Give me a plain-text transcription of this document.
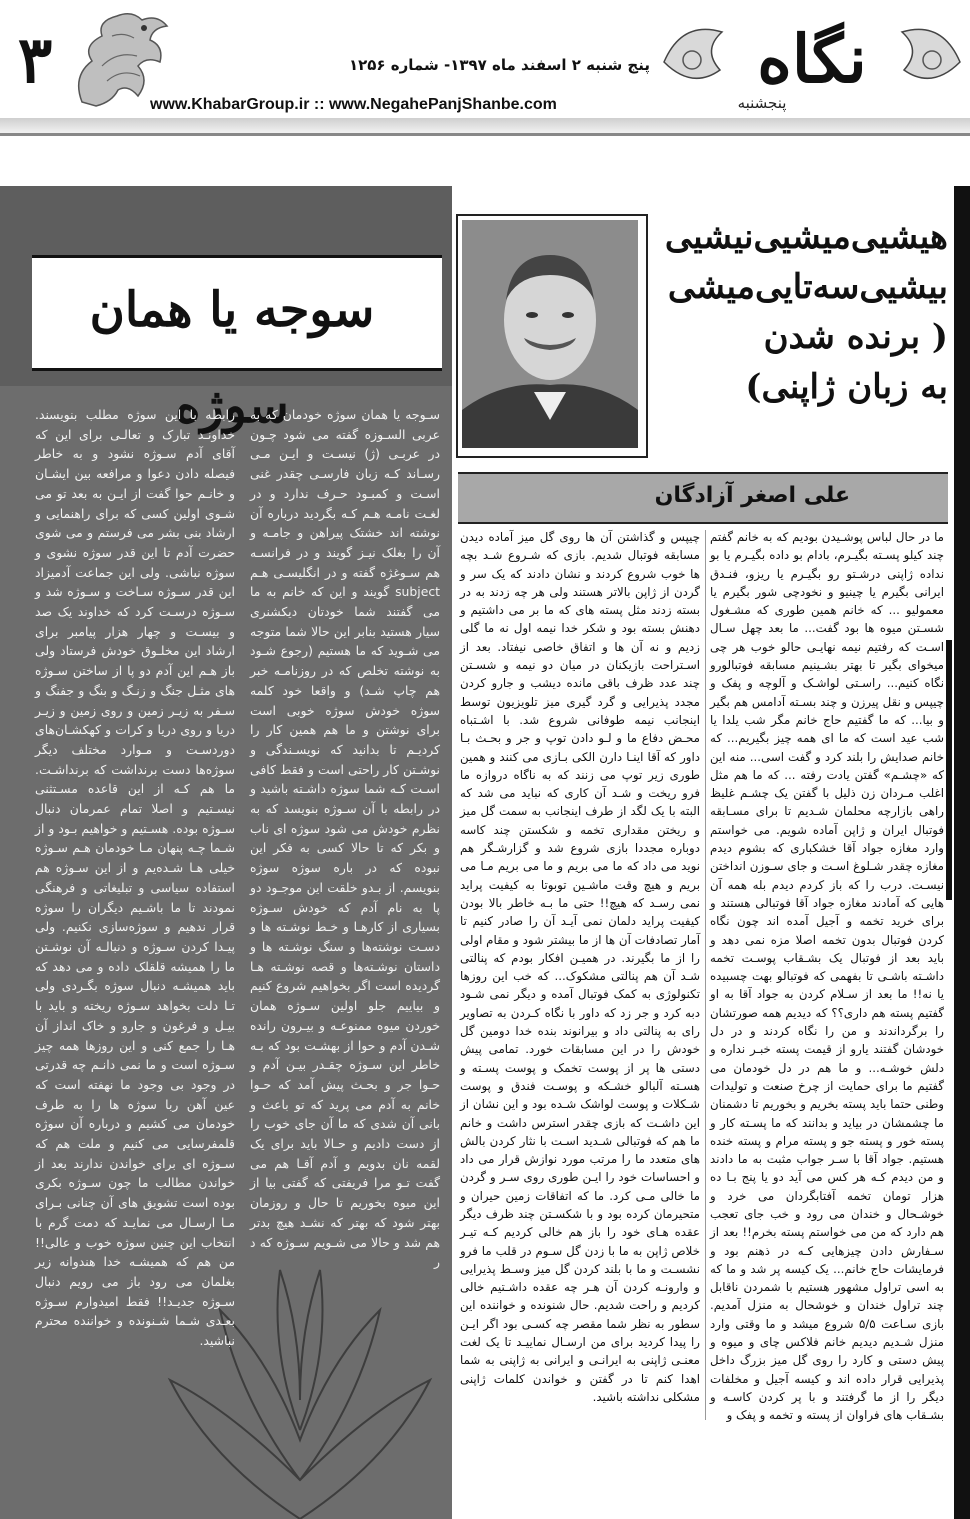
۳	نگاه
پنجشنبه
پنج شنبه ۲ اسفند ماه ۱۳۹۷- شماره ۱۲۵۶
www.KhabarGroup.ir :: www.NegahePanjShanbe.com
سوجه یا همان سوژه
سـوجه یا همان سوژه خودمان که به عربی السـوزه گفته می شود چـون در عربـی (ژ) نیسـت و ایـن مـی رسـاند کـه زبان فارسـی چقدر غنی اسـت و کمبـود حـرف ندارد و در لغـت نامـه هـم کـه بگردید درباره آن نوشته اند خشتک پیراهن و جامـه و آن را بغلک نیـز گویند و در فرانسـه هم سـوغژه گفته و در انگلیسـی هـم subject گویند و این که خانم به ما می گفتند شما خودتان دیکشنری سیار هستید بنابر این حالا شما متوجه می شـوید که ما هستیم (رجوع شـود به نوشته تخلص که در روزنامـه خبر هم چاپ شـد) و واقعا خود کلمه سوژه خودش سوژه خوبی است برای نوشتن و ما هم همین کار را کردیـم تا بدانید که نویسـندگی و نوشـتن کار راحتی است و فقط کافی اسـت کـه شما سوژه داشـته باشید و در رابطه با آن سـوژه بنویسد که به نظرم خودش می شود سوژه ای ناب و بکر که تا حالا کسی به فکر این نبوده که در باره سوژه سوژه بنویسم. از بـدو خلقت این موجـود دو پا به نام آدم که خودش سـوژه بسیاری از کارهـا و خـط نوشـته ها و دسـت نوشته‌ها و سنگ نوشـته ها و داستان نوشـته‌ها و قصه نوشـته هـا گردیده است اگر بخواهیم شروع کنیم و بیاییم جلو اولین سـوژه همان خوردن میوه ممنوعـه و بیـرون رانده شـدن آدم و حوا از بهشـت بود که بـه خاطر این سـوژه چقـدر بیـن آدم و حـوا جر و بحـث پیش آمد که حـوا خانم به آدم می پرید که تو باعث و بانی آن شدی که ما آن جای خوب را از دست دادیم و حـالا باید برای یک لقمه نان بدویم و آدم آقـا هم می گفت تـو مرا فریفتی که گفتی بیا از این میوه بخوریم تا حال و روزمان بهتر شود که بهتر که نشـد هیچ بدتر هم شد و حالا می شـویم سـوژه که د ر
رابطه با این سوژه مطلب بنویسند. خداونـد تبارک و تعالـی برای این که آقای آدم سـوژه نشود و به خاطر فیصله دادن دعوا و مرافعه بین ایشـان و خانـم حوا گفت از ایـن به بعد تو می شـوی اولین کسی که برای راهنمایی و ارشاد بنی بشر می فرستم و می شوی حضرت آدم تا این قدر سوژه نشوی و سوژه نباشی. ولی این جماعت آدمیزاد این قدر سـوژه سـاخت و سـوژه شد و سـوژه درسـت کرد که خداوند یک صد و بیسـت و چهار هزار پیامبر برای ارشاد این مخلـوق خودش فرستاد ولی باز هـم این آدم دو پا از ساختن سـوژه های مثـل جنگ و زنـگ و بنگ و جفنگ و سـفر به زیـر زمین و روی زمین و زیـر دریا و روی دریا و کرات و کهکشـان‌های دوردسـت و مـوارد مختلف دیگر سوژه‌ها دست برنداشت که برنداشـت. ما هم کـه از این قاعده مسـتثنی نیسـتیم و اصلا تمام عمرمان دنبال سـوژه بوده. هسـتیم و خواهیم بـود و از شـما چـه پنهان مـا خودمان هـم سـوژه خیلی هـا شـده‌یم و از این سـوژه هم استفاده سیاسی و تبلیغاتی و فرهنگی نمودند تا ما باشـیم دیگران را سوژه قرار ندهیم و سوژه‌سازی نکنیم. ولی پیـدا کردن سـوژه و دنبالـه آن نوشـتن ما را همیشه قلقلک داده و می دهد که باید همیشـه دنبال سوژه بگـردی ولی تـا دلت بخواهد سـوژه ریخته و باید با بیـل و فرغون و جارو و خاک انداز آن هـا را جمع کنی و این روزها همه چیز سـوژه است و ما نمی دانـم چه قدرتی در وجود بی وجود ما نهفته است که عین آهن ربا سوژه ها را به طرف خودمان می کشیم و درباره آن سوژه قلمفرسایی می کنیم و ملت هم که سـوژه ای برای خواندن ندارند بعد از خواندن مطالب ما چون سـوژه بکری بوده است تشویق های آن چنانی بـرای مـا ارسـال می نمایـد که دمت گرم با انتخاب این چنین سوژه خوب و عالی!! من هم که همیشـه خدا هندوانه زیر بغلمان می رود باز می رویم دنبال سـوژه جدیـد!! فقط امیدوارم سـوژه بعـدی شـما شـنونده و خواننده محترم نباشید.
هیشیی‌میشیی‌نیشیی
بیشیی‌سه‌تایی‌میشی
( برنده شدن
به زبان ژاپنی)
علی اصغر آزادگان
ما در حال لباس پوشـیدن بودیم که به خانم گفتم چند کیلو پسـته بگیـرم، بادام بو داده بگیـرم یا بو نداده ژاپنی درشـتو رو بگیـرم یا ریزو، فنـدق ایرانی بگیرم یا چینیو و نخودچی شور بگیرم یا معمولیو ... که خانم همین طوری که مشـغول شسـتن میوه ها بود گفت... ما بعد چهل سـال اسـت که رفتیم نیمه نهایـی حالو خوب هر چی میخوای بگیر تا بهتر بشـینیم مسابقه فوتبالورو نگاه کنیم... راسـتی لواشـک و آلوچه و پفک و چیپس و نقل پیرزن و چند بسـته آدامس هم بگیر و بیا... که ما گفتیم حاج خانم مگر شب یلدا یا شب عید است که ما ای همه چیز بگیریم... که خانم صدایش را بلند کرد و گفت اسی... منه این که «چشـم» گفتن یادت رفته ... که ما هم مثل اغلب مـردان زن ذلیل با گفتن یک چشـم غلیظ راهی بازارچه محلمان شـدیم تا برای مسـابقه فوتبال ایران و ژاپن آماده شویم. می خواستم وارد مغازه جواد آقا خشکباری که بشوم دیدم مغازه چقدر شـلوغ اسـت و جای سـوزن انداختن نیسـت. درب را که باز کردم دیدم بله همه آن هایی که آمادند مغازه جواد آقا فوتبالی هستند و برای خرید تخمه و آجیل آمده اند چون نگاه کردن فوتبال بدون تخمه اصلا مزه نمی دهد و باید بعد از فوتبال یک بشـقاب پوسـت تخمه داشـته باشـی تا بفهمی که فوتبالو بهت چسبیده یا نه!! ما بعد از سـلام کردن به جواد آقا به او گفتیم پسته هم داری؟؟ که دیدیم همه صورتشان را برگرداندند و من را نگاه کردند و در دل خودشان گفتند یارو از قیمت پسته خبـر نداره و دلش خوشـه... و ما هم در دل خودمان می گفتیم ما برای حمایت از چرخ صنعت و تولیدات وطنی حتما باید پسته بخریم و بخوریم تا دشمنان ما چشمشان در بیاید و بدانند که ما پسـته کار و پسته خور و پسته جو و پسته مرام و پسته خنده هستیم. جواد آقا با سـر جواب مثبت به ما دادند و من دیدم کـه هر کس می آید دو یا پنج بـا ده هزار تومان تخمه آفتابگردان می خرد و خوشـحال و خندان می رود و خب جای تعجب هم دارد که من می خواستم پسته بخرم!! بعد از سـفارش دادن چیزهایی کـه در ذهنم بود و فرمایشات حاج خانم... یک کیسه پر شد و ما که به اسی تراول مشهور هستیم با شمردن ناقابل چند تراول خندان و خوشحال به منزل آمدیم. بازی سـاعت ۵/۵ شروع میشد و ما وقتی وارد منزل شـدیم دیدیم خانم فلاکس چای و میوه و پیش دستی و کارد را روی گل میز بزرگ داخل پذیرایی قرار داده اند و کیسه آجیل و مخلفات دیگر را از ما گرفتند و با پر کردن کاسـه و بشـقاب های فراوان از پسته و تخمه و پفک و
چیپس و گذاشتن آن ها روی گل میز آماده دیدن مسابقه فوتبال شدیم. بازی که شـروع شـد بچه ها خوب شروع کردند و نشان دادند که یک سر و گردن از ژاپن بالاتر هستند ولی هر چه زدند به در بسته زدند مثل پسته های که ما بر می داشتیم و دهنش بسته بود و شکر خدا نیمه اول نه ما گلی زدیم و نه آن ها و اتفاق خاصی نیفتاد. بعد از اسـتراحت بازیکنان در میان دو نیمه و شسـتن چند عدد ظرف باقی مانده دیشب و جارو کردن مجدد پذیرایی و گرد گیری میز تلویزیون توسط اینجانب نیمه طوفانی شروع شد. با اشـتباه محـض دفاع ما و لـو دادن توپ و جر و بحـث بـا داور که آقا اینـا دارن الکی بـازی می کنند و همین طوری زیر توپ می زنند که به ناگاه دروازه ما فرو ریخت و شـد آن کاری که نباید می شد که البته با یک لگد از طرف اینجانب به سمت گل میز و ریختن مقداری تخمه و شکستن چند کاسه دوباره مجددا بازی شروع شد و گزارشـگر هم نوید می داد که ما می بریم و ما می بریم مـا می بریم و هیچ وقت ماشـین توبوتا به کیفیت پراید نمی رسـد که هیچ!! حتی ما بـه خاطر بالا بودن کیفیت پراید دلمان نمی آیـد آن را صادر کنیم تا آمار تصادفات آن ها از ما بیشتر شود و مقام اولی را از ما بگیرند. در همیـن افکار بودم که پنالتی شـد آن هم پنالتی مشکوک... که خب این روزها تکنولوژی به کمک فوتبال آمده و دیگر نمی شـود دبه کرد و جر زد که داور با نگاه کـردن به تصاویر رای به پنالتی داد و بیرانوند بنده خدا دومین گل خودش را در این مسابقات خورد. تمامی پیش دستی ها پر از پوست تخمک و پوست پسـته و هسـته آلبالو خشـکه و پوسـت فندق و پوست شـکلات و پوست لواشک شـده بود و این نشان از این داشـت که بازی چقدر استرس داشت و خانم ما هم که فوتبالی شـدید اسـت با نثار کردن بالش های متعدد ما را مرتب مورد نوازش قرار می داد و احساسات خود را ایـن طوری روی سـر و گردن ما خالی مـی کرد. ما که اتفاقات زمین حیران و متحیرمان کرده بود و با شکسـتن چند ظرف دیگر عقده هـای خود را باز هم خالی کردیم کـه تیـر خلاص ژاپن به ما با زدن گل سـوم در قلب ما فرو نشسـت و ما با بلند کردن گل میز وسـط پذیرایی و وارونـه کردن آن هـر چه عقده داشـتیم خالی کردیم و راحت شدیم. حال شنونده و خواننده این سطور به نظر شما مقصر چه کسـی بود اگر ایـن را پیدا کردید برای من ارسـال نماییـد تا یک لغت معنـی ژاپنی به ایرانـی و ایرانی به ژاپنی به شما اهدا کنم تا در گفتن و خواندن کلمات ژاپنی مشکلی نداشته باشید.
